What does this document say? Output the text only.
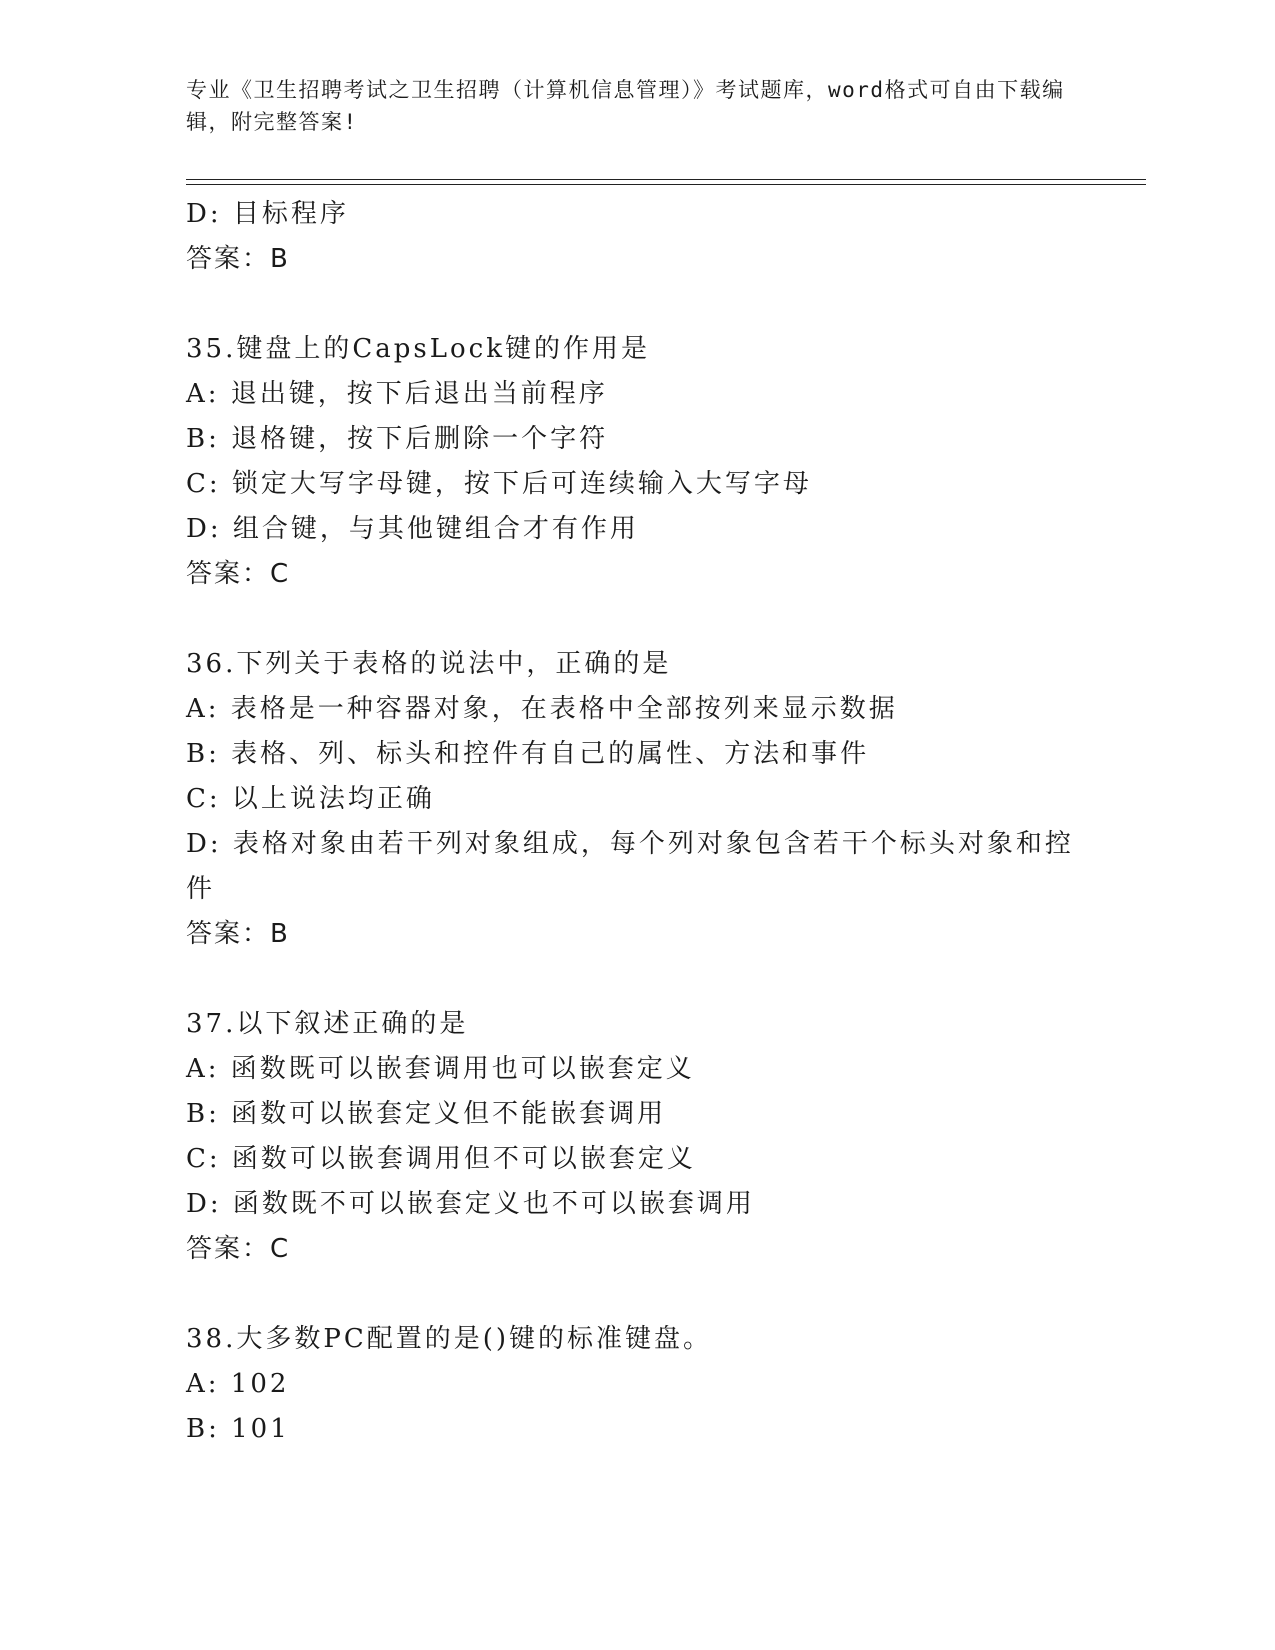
专业《卫生招聘考试之卫生招聘（计算机信息管理）》考试题库，word格式可自由下载编辑，附完整答案!

D: 目标程序

答案：B

35.键盘上的CapsLock键的作用是

A: 退出键，按下后退出当前程序

B: 退格键，按下后删除一个字符

C: 锁定大写字母键，按下后可连续输入大写字母

D: 组合键，与其他键组合才有作用

答案：C

36.下列关于表格的说法中，正确的是

A: 表格是一种容器对象，在表格中全部按列来显示数据

B: 表格、列、标头和控件有自己的属性、方法和事件

C: 以上说法均正确

D: 表格对象由若干列对象组成，每个列对象包含若干个标头对象和控件

答案：B

37.以下叙述正确的是

A: 函数既可以嵌套调用也可以嵌套定义

B: 函数可以嵌套定义但不能嵌套调用

C: 函数可以嵌套调用但不可以嵌套定义

D: 函数既不可以嵌套定义也不可以嵌套调用

答案：C

38.大多数PC配置的是()键的标准键盘。

A: 102

B: 101
